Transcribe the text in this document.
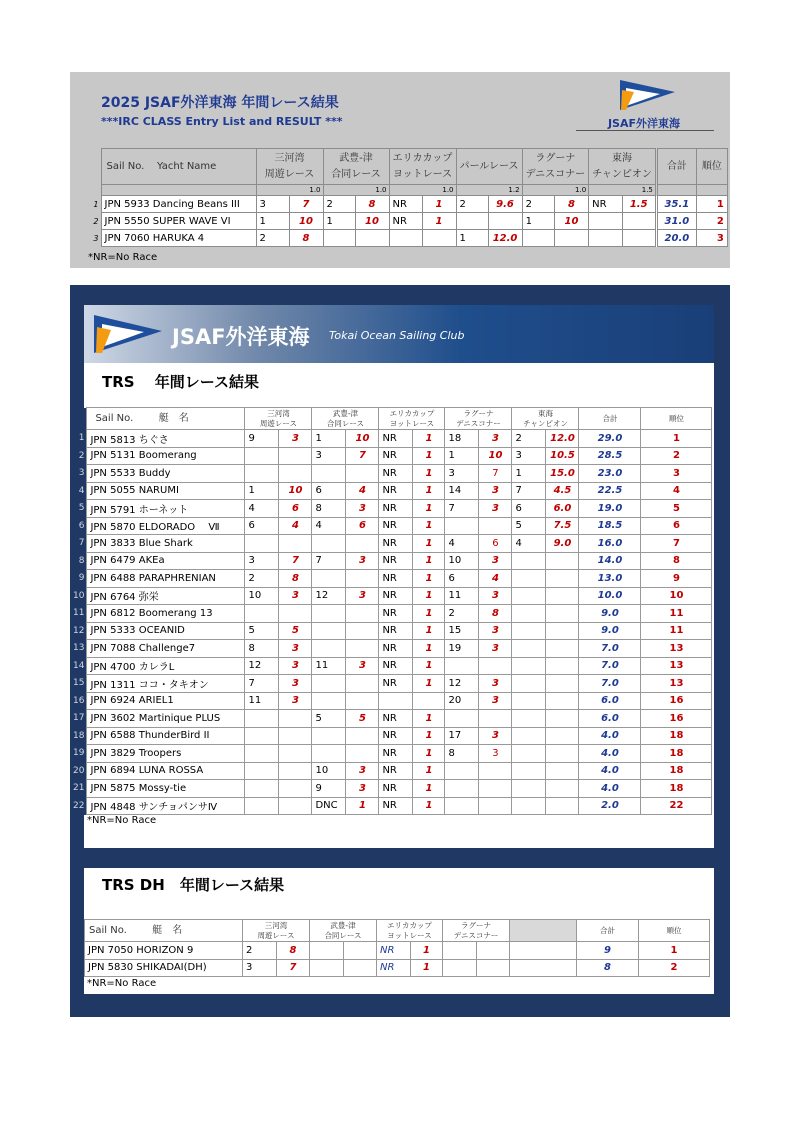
2025 JSAF外洋東海 年間レース結果
***IRC CLASS Entry List and RESULT ***	JSAF外洋東海
	Sail No. Yacht Name	三河湾
周遊レース		武豊-津
合同レース		エリカカップ
ヨットレース		パールレース		ラグーナ
デニスコナー		東海
チャンピオン		合計	順位
		1.0		1.0		1.0		1.2		1.0		1.5			
1	JPN 5933 Dancing Beans III	3	7	2	8	NR	1	2	9.6	2	8	NR	1.5	35.1	1
2	JPN 5550 SUPER WAVE VI	1	10	1	10	NR	1			1	10			31.0	2
3	JPN 7060 HARUKA 4	2	8					1	12.0					20.0	3
*NR=No Race
JSAF外洋東海 Tokai Ocean Sailing Club
TRS　 年間レース結果
*NR=No Race
	Sail No. 艇　名	三河湾
周遊レース		武豊-津
合同レース		エリカカップ
ヨットレース		ラグーナ
デニスコナー		東海
チャンピオン		合計	順位
1	JPN 5813 ちぐさ	9	3	1	10	NR	1	18	3	2	12.0	29.0	1
2	JPN 5131 Boomerang			3	7	NR	1	1	10	3	10.5	28.5	2
3	JPN 5533 Buddy					NR	1	3	7	1	15.0	23.0	3
4	JPN 5055 NARUMI	1	10	6	4	NR	1	14	3	7	4.5	22.5	4
5	JPN 5791 ホーネット	4	6	8	3	NR	1	7	3	6	6.0	19.0	5
6	JPN 5870 ELDORADO　 Ⅶ	6	4	4	6	NR	1			5	7.5	18.5	6
7	JPN 3833 Blue Shark					NR	1	4	6	4	9.0	16.0	7
8	JPN 6479 AKEa	3	7	7	3	NR	1	10	3			14.0	8
9	JPN 6488 PARAPHRENIAN	2	8			NR	1	6	4			13.0	9
10	JPN 6764 弥栄	10	3	12	3	NR	1	11	3			10.0	10
11	JPN 6812 Boomerang 13					NR	1	2	8			9.0	11
12	JPN 5333 OCEANID	5	5			NR	1	15	3			9.0	11
13	JPN 7088 Challenge7	8	3			NR	1	19	3			7.0	13
14	JPN 4700 カレラL	12	3	11	3	NR	1					7.0	13
15	JPN 1311 ココ・タキオン	7	3			NR	1	12	3			7.0	13
16	JPN 6924 ARIEL1	11	3					20	3			6.0	16
17	JPN 3602 Martinique PLUS			5	5	NR	1					6.0	16
18	JPN 6588 ThunderBird II					NR	1	17	3			4.0	18
19	JPN 3829 Troopers					NR	1	8	3			4.0	18
20	JPN 6894 LUNA ROSSA			10	3	NR	1					4.0	18
21	JPN 5875 Mossy-tie			9	3	NR	1					4.0	18
22	JPN 4848 サンチョパンサⅣ			DNC	1	NR	1					2.0	22
TRS DH　年間レース結果
*NR=No Race
Sail No. 艇　名	三河湾
周遊レース		武豊-津
合同レース		エリカカップ
ヨットレース		ラグーナ
デニスコナー			合計	順位
JPN 7050 HORIZON 9	2	8			NR	1				9	1
JPN 5830 SHIKADAI(DH)	3	7			NR	1				8	2
